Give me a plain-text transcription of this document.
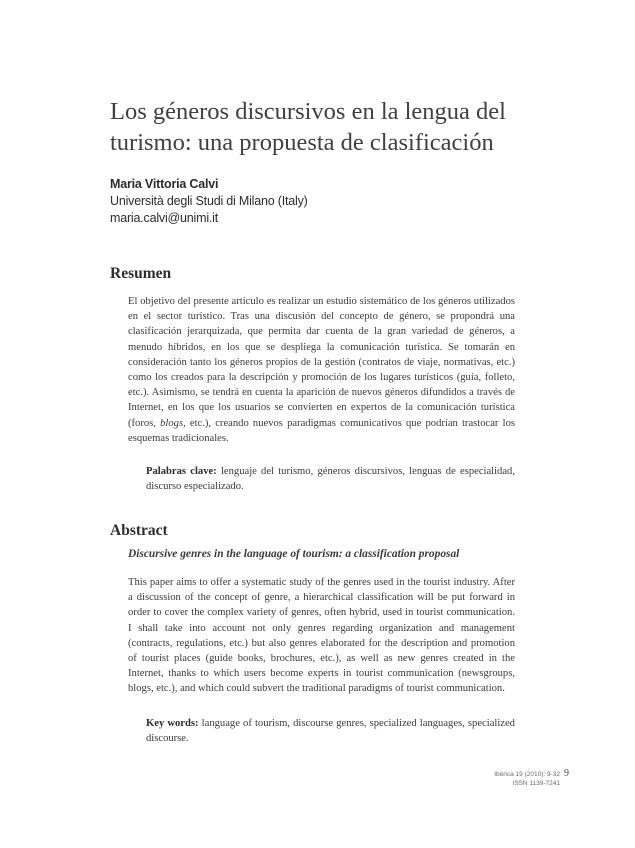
Los géneros discursivos en la lengua del turismo: una propuesta de clasificación
Maria Vittoria Calvi
Università degli Studi di Milano (Italy)
maria.calvi@unimi.it
Resumen

El objetivo del presente artículo es realizar un estudio sistemático de los géneros utilizados en el sector turístico. Tras una discusión del concepto de género, se propondrá una clasificación jerarquizada, que permita dar cuenta de la gran variedad de géneros, a menudo híbridos, en los que se despliega la comunicación turística. Se tomarán en consideración tanto los géneros propios de la gestión (contratos de viaje, normativas, etc.) como los creados para la descripción y promoción de los lugares turísticos (guía, folleto, etc.). Asimismo, se tendrá en cuenta la aparición de nuevos géneros difundidos a través de Internet, en los que los usuarios se convierten en expertos de la comunicación turística (foros, blogs, etc.), creando nuevos paradigmas comunicativos que podrían trastocar los esquemas tradicionales.

Palabras clave: lenguaje del turismo, géneros discursivos, lenguas de especialidad, discurso especializado.

Abstract

Discursive genres in the language of tourism: a classification proposal

This paper aims to offer a systematic study of the genres used in the tourist industry. After a discussion of the concept of genre, a hierarchical classification will be put forward in order to cover the complex variety of genres, often hybrid, used in tourist communication. I shall take into account not only genres regarding organization and management (contracts, regulations, etc.) but also genres elaborated for the description and promotion of tourist places (guide books, brochures, etc.), as well as new genres created in the Internet, thanks to which users become experts in tourist communication (newsgroups, blogs, etc.), and which could subvert the traditional paradigms of tourist communication.

Key words: language of tourism, discourse genres, specialized languages, specialized discourse.

Ibérica 19 (2010): 9-32
ISSN 1139-7241
9
